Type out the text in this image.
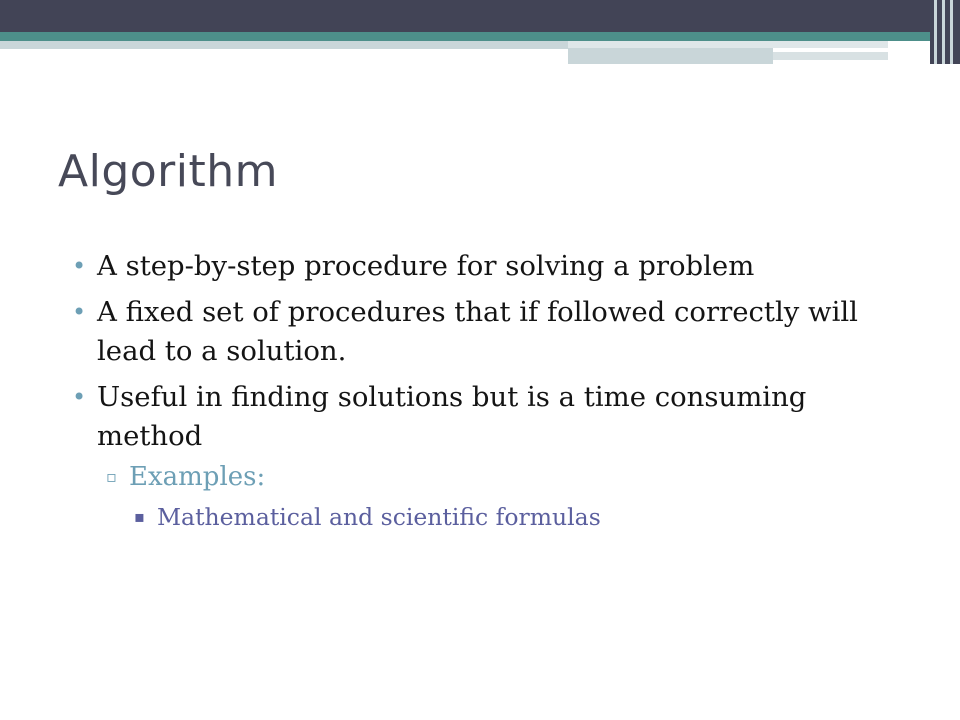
Algorithm
• A step-by-step procedure for solving a problem
• A fixed set of procedures that if followed correctly will lead to a solution.
• Useful in finding solutions but is a time consuming method
▫ Examples:
▪ Mathematical and scientific formulas
